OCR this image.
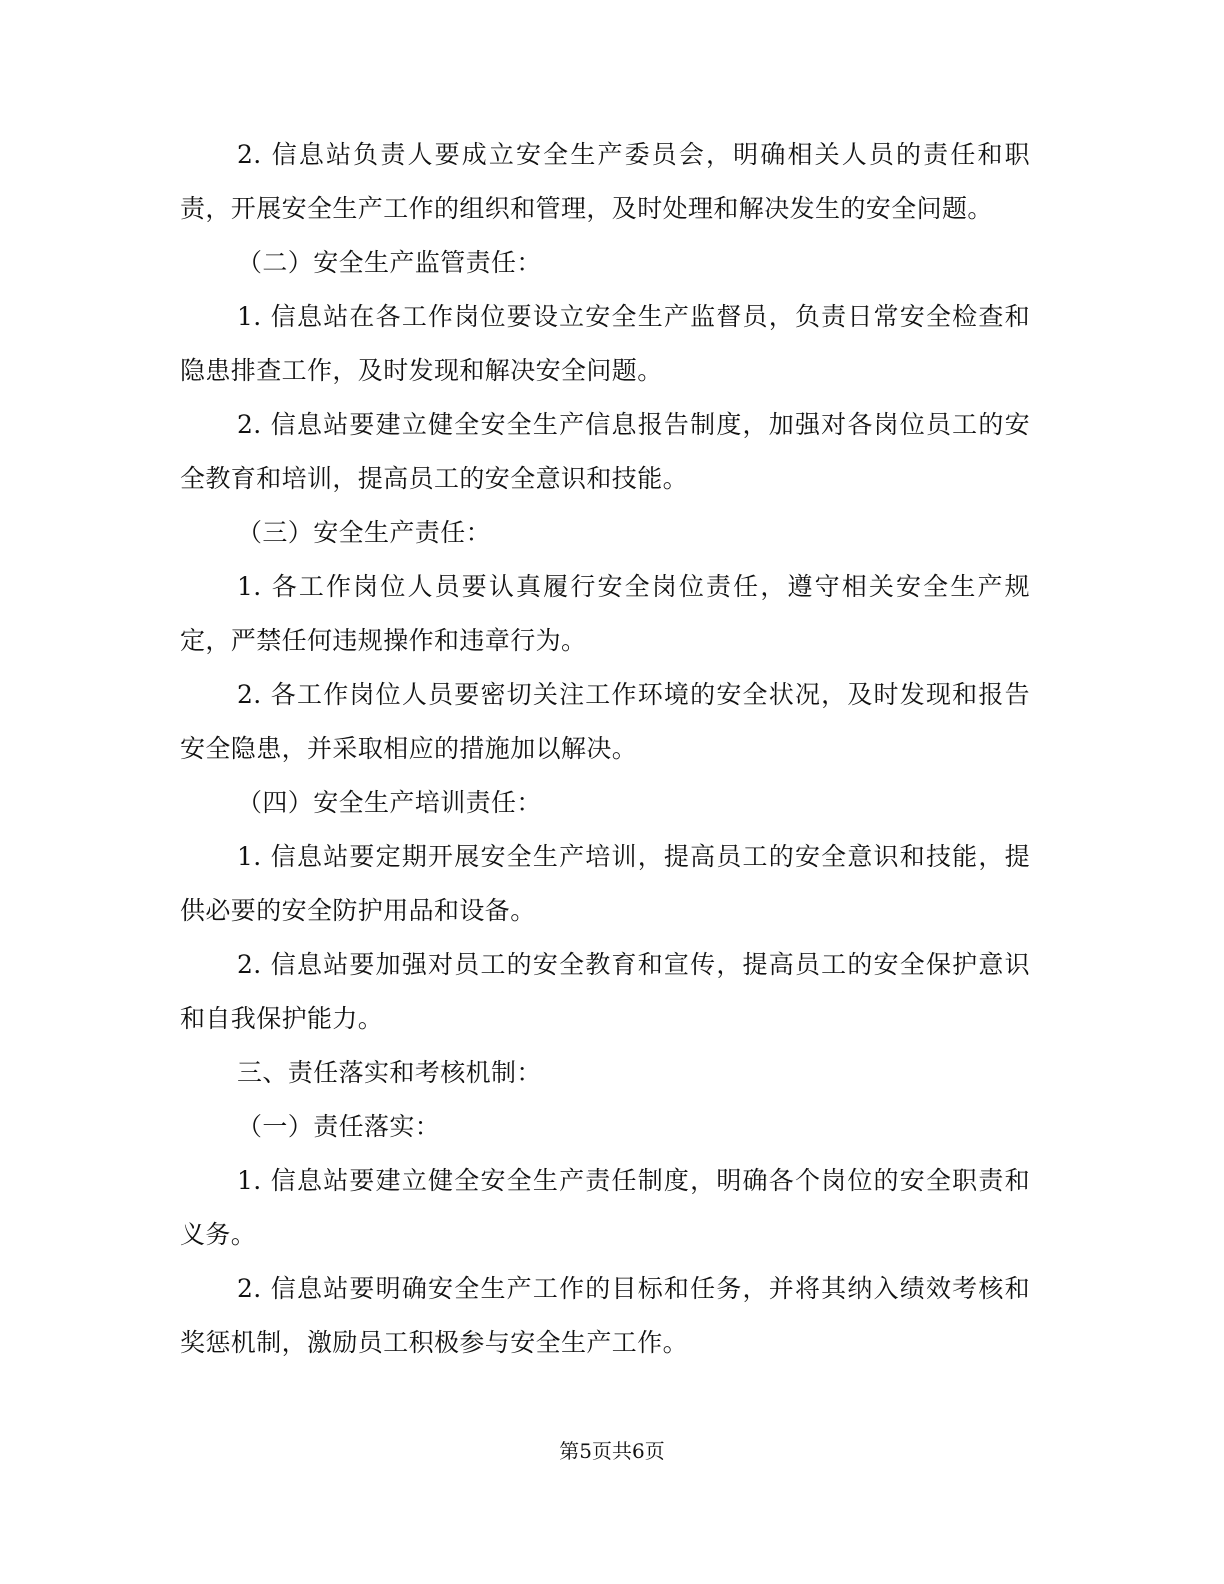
2. 信息站负责人要成立安全生产委员会，明确相关人员的责任和职责，开展安全生产工作的组织和管理，及时处理和解决发生的安全问题。

（二）安全生产监管责任：

1. 信息站在各工作岗位要设立安全生产监督员，负责日常安全检查和隐患排查工作，及时发现和解决安全问题。

2. 信息站要建立健全安全生产信息报告制度，加强对各岗位员工的安全教育和培训，提高员工的安全意识和技能。

（三）安全生产责任：

1. 各工作岗位人员要认真履行安全岗位责任，遵守相关安全生产规定，严禁任何违规操作和违章行为。

2. 各工作岗位人员要密切关注工作环境的安全状况，及时发现和报告安全隐患，并采取相应的措施加以解决。

（四）安全生产培训责任：

1. 信息站要定期开展安全生产培训，提高员工的安全意识和技能，提供必要的安全防护用品和设备。

2. 信息站要加强对员工的安全教育和宣传，提高员工的安全保护意识和自我保护能力。

三、责任落实和考核机制：

（一）责任落实：

1. 信息站要建立健全安全生产责任制度，明确各个岗位的安全职责和义务。

2. 信息站要明确安全生产工作的目标和任务，并将其纳入绩效考核和奖惩机制，激励员工积极参与安全生产工作。

第5页共6页
